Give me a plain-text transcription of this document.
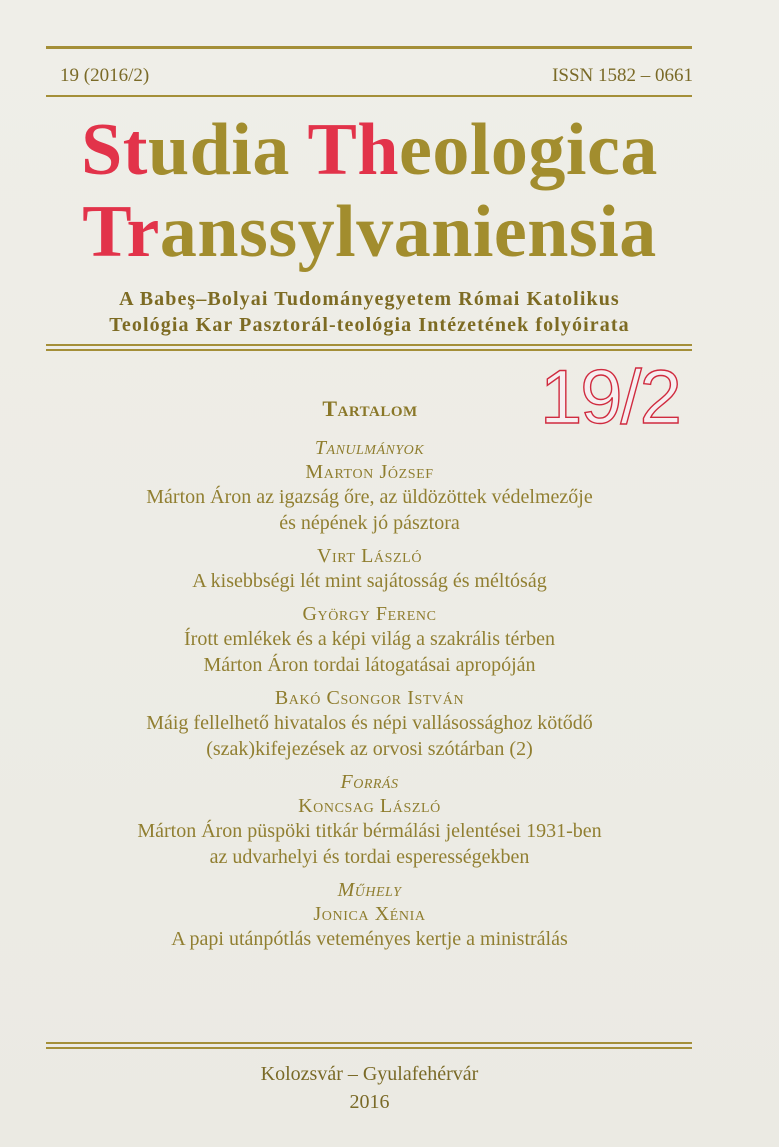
19 (2016/2)	ISSN 1582 – 0661
Studia Theologica
Transsylvaniensia
A Babeş–Bolyai Tudományegyetem Római Katolikus
Teológia Kar Pasztorál-teológia Intézetének folyóirata
19/2
Tartalom
Tanulmányok
Marton József
Márton Áron az igazság őre, az üldözöttek védelmezője
és népének jó pásztora
Virt László
A kisebbségi lét mint sajátosság és méltóság
György Ferenc
Írott emlékek és a képi világ a szakrális térben
Márton Áron tordai látogatásai apropóján
Bakó Csongor István
Máig fellelhető hivatalos és népi vallásossághoz kötődő
(szak)kifejezések az orvosi szótárban (2)
Forrás
Koncsag László
Márton Áron püspöki titkár bérmálási jelentései 1931-ben
az udvarhelyi és tordai esperességekben
Műhely
Jonica Xénia
A papi utánpótlás veteményes kertje a ministrálás
Kolozsvár – Gyulafehérvár
2016
